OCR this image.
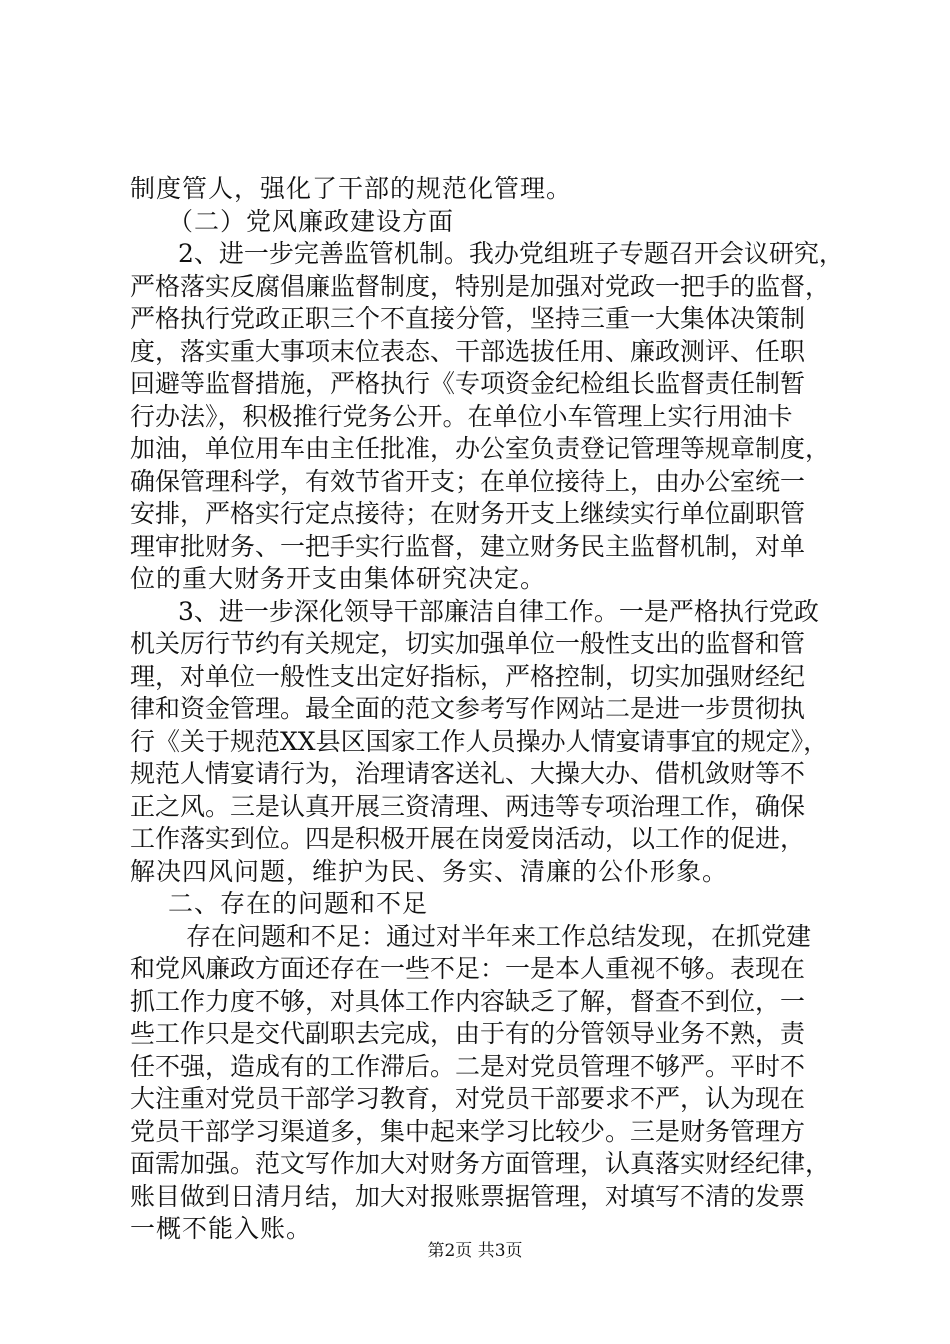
制度管人，强化了干部的规范化管理。
（二）党风廉政建设方面
2、进一步完善监管机制。我办党组班子专题召开会议研究，
严格落实反腐倡廉监督制度，特别是加强对党政一把手的监督，
严格执行党政正职三个不直接分管，坚持三重一大集体决策制
度，落实重大事项末位表态、干部选拔任用、廉政测评、任职
回避等监督措施，严格执行《专项资金纪检组长监督责任制暂
行办法》，积极推行党务公开。在单位小车管理上实行用油卡
加油，单位用车由主任批准，办公室负责登记管理等规章制度，
确保管理科学，有效节省开支；在单位接待上，由办公室统一
安排，严格实行定点接待；在财务开支上继续实行单位副职管
理审批财务、一把手实行监督，建立财务民主监督机制，对单
位的重大财务开支由集体研究决定。
3、进一步深化领导干部廉洁自律工作。一是严格执行党政
机关厉行节约有关规定，切实加强单位一般性支出的监督和管
理，对单位一般性支出定好指标，严格控制，切实加强财经纪
律和资金管理。最全面的范文参考写作网站二是进一步贯彻执
行《关于规范XX县区国家工作人员操办人情宴请事宜的规定》，
规范人情宴请行为，治理请客送礼、大操大办、借机敛财等不
正之风。三是认真开展三资清理、两违等专项治理工作，确保
工作落实到位。四是积极开展在岗爱岗活动，以工作的促进，
解决四风问题，维护为民、务实、清廉的公仆形象。
二、存在的问题和不足
存在问题和不足：通过对半年来工作总结发现，在抓党建
和党风廉政方面还存在一些不足：一是本人重视不够。表现在
抓工作力度不够，对具体工作内容缺乏了解，督查不到位，一
些工作只是交代副职去完成，由于有的分管领导业务不熟，责
任不强，造成有的工作滞后。二是对党员管理不够严。平时不
大注重对党员干部学习教育，对党员干部要求不严，认为现在
党员干部学习渠道多，集中起来学习比较少。三是财务管理方
面需加强。范文写作加大对财务方面管理，认真落实财经纪律，
账目做到日清月结，加大对报账票据管理，对填写不清的发票
一概不能入账。
第2页 共3页
